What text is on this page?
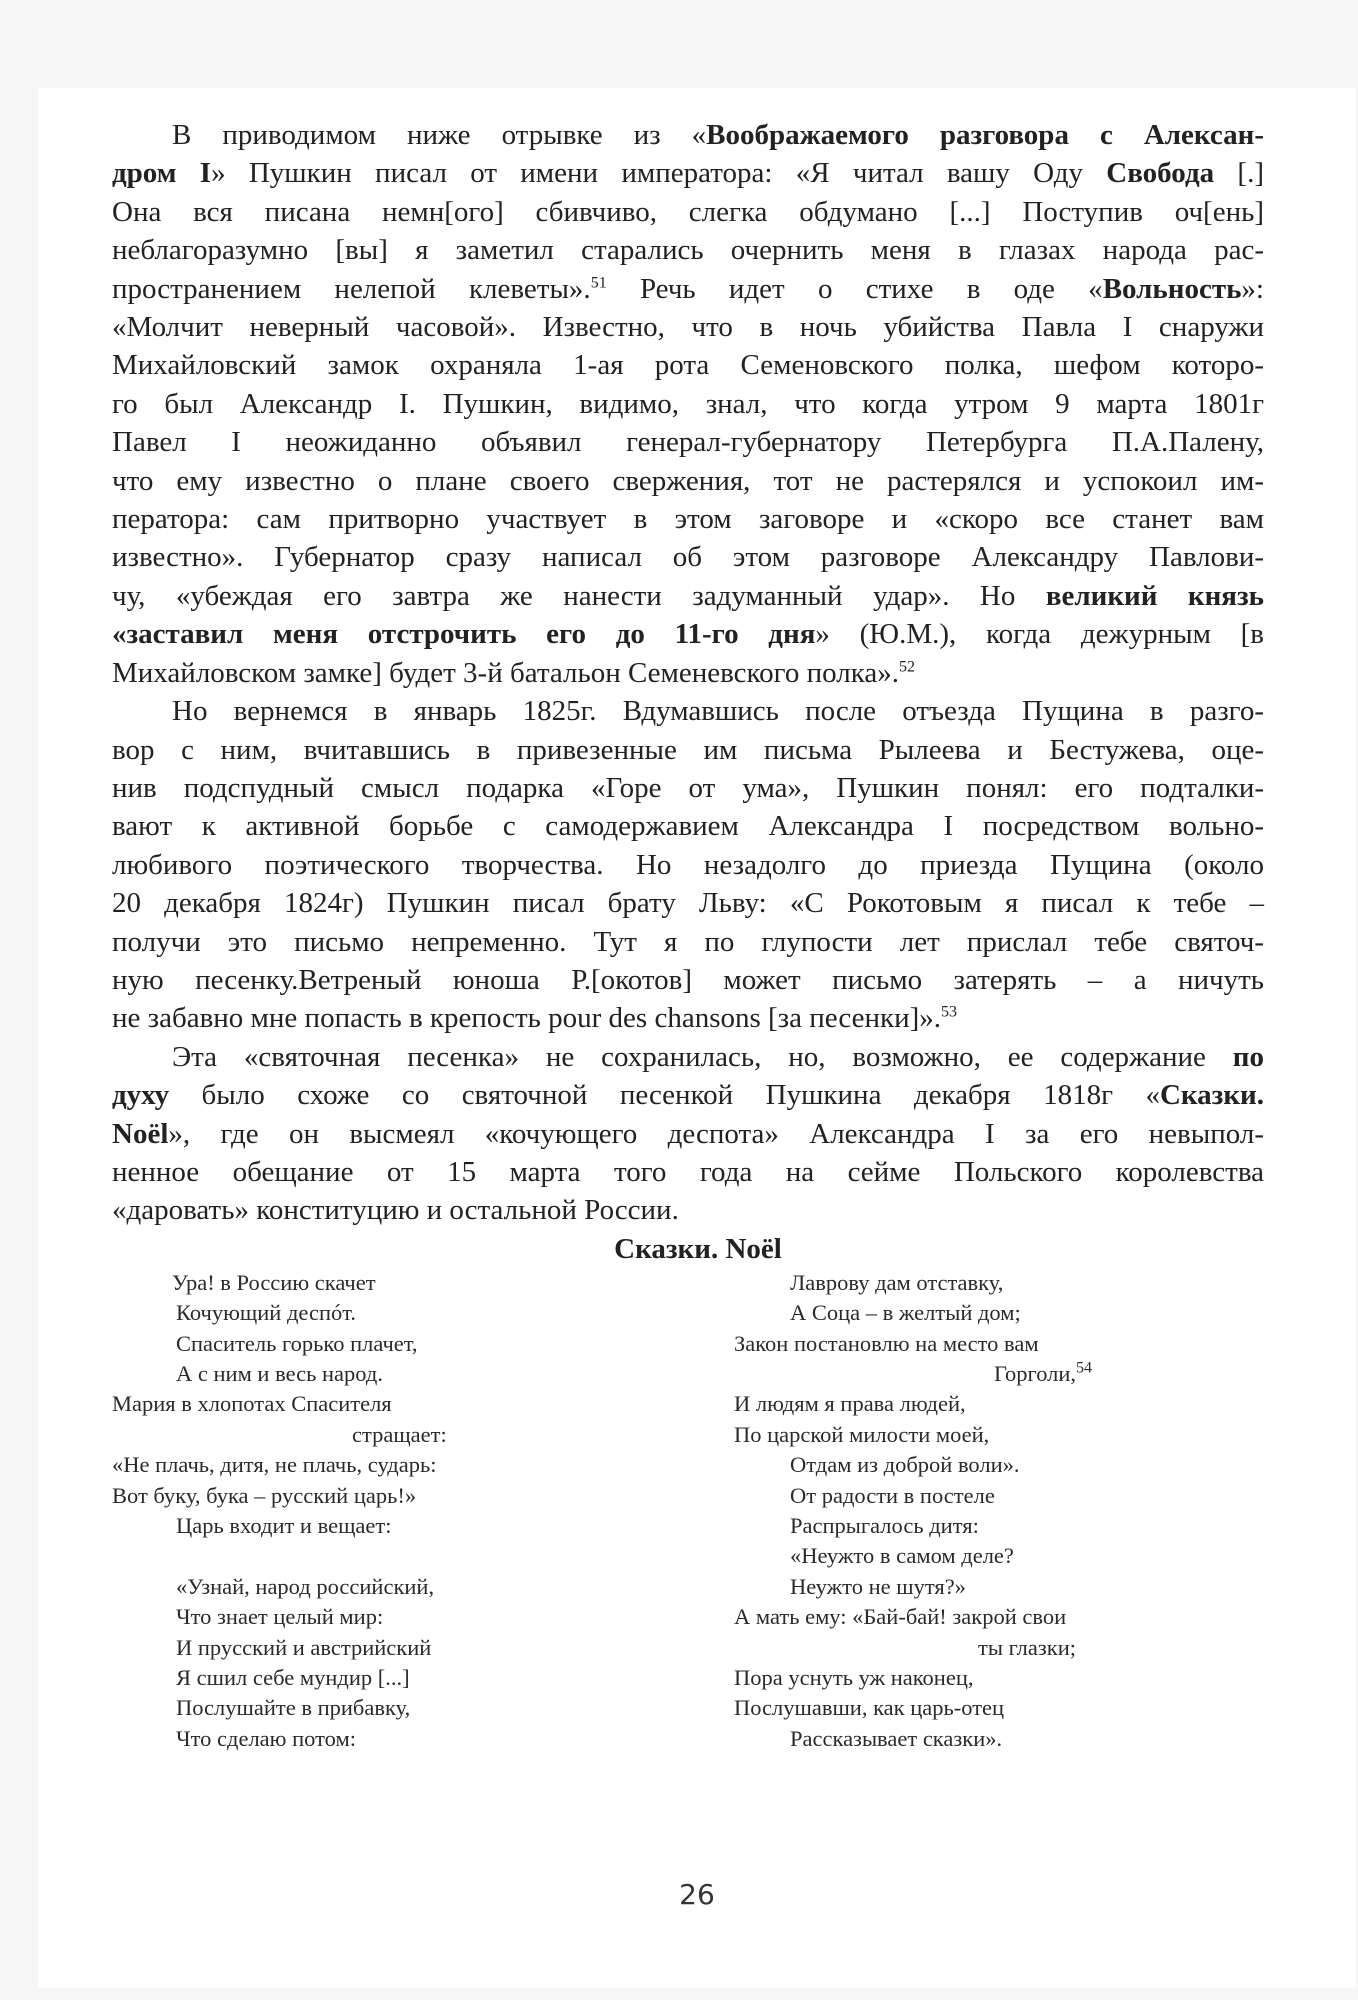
В приводимом ниже отрывке из «Воображаемого разговора с Алексан-
дром I» Пушкин писал от имени императора: «Я читал вашу Оду Свобода [.]
Она вся писана немн[ого] сбивчиво, слегка обдумано [...] Поступив оч[ень]
неблагоразумно [вы] я заметил старались очернить меня в глазах народа рас-
пространением нелепой клеветы».$^{51}$ Речь идет о стихе в оде «Вольность»:
«Молчит неверный часовой». Известно, что в ночь убийства Павла I снаружи
Михайловский замок охраняла 1-ая рота Семеновского полка, шефом которо-
го был Александр I. Пушкин, видимо, знал, что когда утром 9 марта 1801г
Павел I неожиданно объявил генерал-губернатору Петербурга П.А.Палену,
что ему известно о плане своего свержения, тот не растерялся и успокоил им-
ператора: сам притворно участвует в этом заговоре и «скоро все станет вам
известно». Губернатор сразу написал об этом разговоре Александру Павлови-
чу, «убеждая его завтра же нанести задуманный удар». Но великий князь
«заставил меня отстрочить его до 11-го дня» (Ю.М.), когда дежурным [в
Михайловском замке] будет 3-й батальон Семеневского полка».$^{52}$
Но вернемся в январь 1825г. Вдумавшись после отъезда Пущина в разго-
вор с ним, вчитавшись в привезенные им письма Рылеева и Бестужева, оце-
нив подспудный смысл подарка «Горе от ума», Пушкин понял: его подталки-
вают к активной борьбе с самодержавием Александра I посредством вольно-
любивого поэтического творчества. Но незадолго до приезда Пущина (около
20 декабря 1824г) Пушкин писал брату Льву: «С Рокотовым я писал к тебе –
получи это письмо непременно. Тут я по глупости лет прислал тебе святоч-
ную песенку.Ветреный юноша Р.[окотов] может письмо затерять – а ничуть
не забавно мне попасть в крепость pour des chansons [за песенки]».$^{53}$
Эта «святочная песенка» не сохранилась, но, возможно, ее содержание по
духу было схоже со святочной песенкой Пушкина декабря 1818г «Сказки.
Noёl», где он высмеял «кочующего деспота» Александра I за его невыпол-
ненное обещание от 15 марта того года на сейме Польского королевства
«даровать» конституцию и остальной России.

Сказки. Noёl

Ура! в Россию скачет
Кочующий деспóт.
Спаситель горько плачет,
А с ним и весь народ.
Мария в хлопотах Спасителя
стращает:
«Не плачь, дитя, не плачь, сударь:
Вот буку, бука – русский царь!»
Царь входит и вещает:

«Узнай, народ российский,
Что знает целый мир:
И прусский и австрийский
Я сшил себе мундир [...]
Послушайте в прибавку,
Что сделаю потом:
Лаврову дам отставку,
А Соца – в желтый дом;
Закон постановлю на место вам
Горголи,$^{54}$
И людям я права людей,
По царской милости моей,
Отдам из доброй воли».
От радости в постеле
Распрыгалось дитя:
«Неужто в самом деле?
Неужто не шутя?»
А мать ему: «Бай-бай! закрой свои
ты глазки;
Пора уснуть уж наконец,
Послушавши, как царь-отец
Рассказывает сказки».
26
